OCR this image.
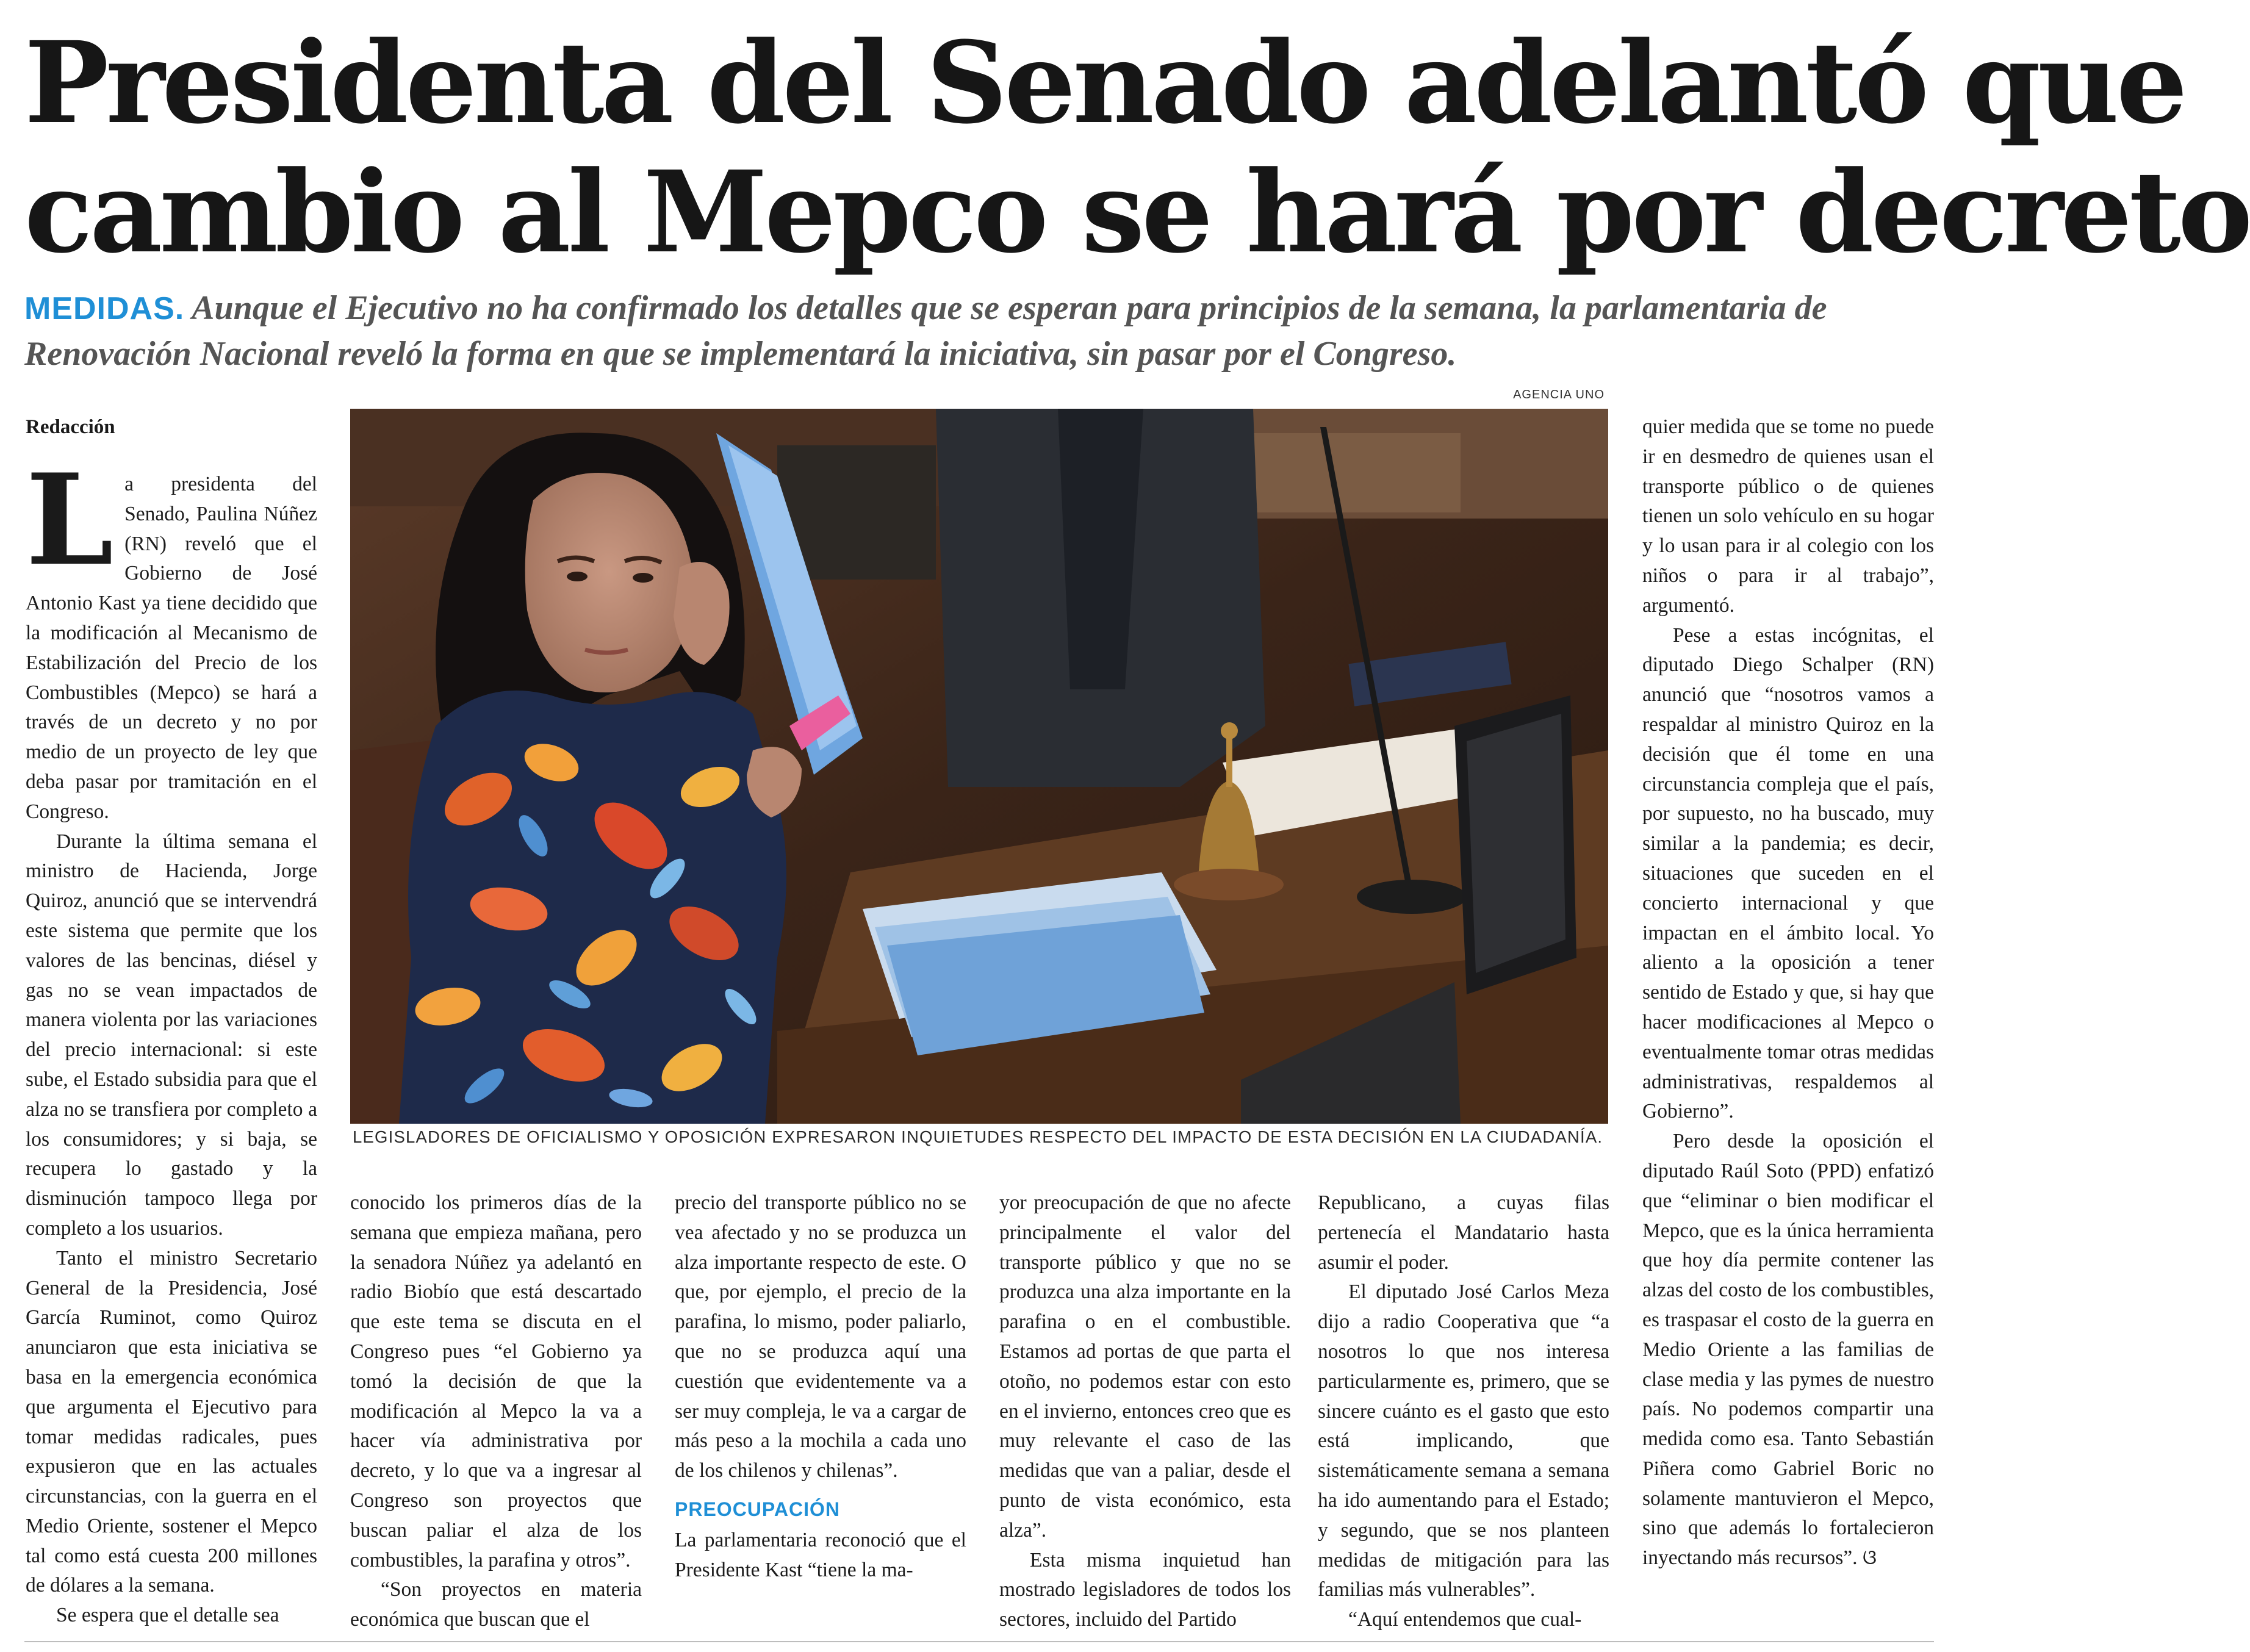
Presidenta del Senado adelantó que
cambio al Mepco se hará por decreto
MEDIDAS. Aunque el Ejecutivo no ha confirmado los detalles que se esperan para principios de la semana, la parlamentaria de Renovación Nacional reveló la forma en que se implementará la iniciativa, sin pasar por el Congreso.
Redacción

La presidenta del Senado, Paulina Núñez (RN) reveló que el Gobierno de José Antonio Kast ya tiene decidido que la modificación al Mecanismo de Estabilización del Precio de los Combustibles (Mepco) se hará a través de un decreto y no por medio de un proyecto de ley que deba pasar por tramitación en el Congreso.

Durante la última semana el ministro de Hacienda, Jorge Quiroz, anunció que se intervendrá este sistema que permite que los valores de las bencinas, diésel y gas no se vean impactados de manera violenta por las variaciones del precio internacional: si este sube, el Estado subsidia para que el alza no se transfiera por completo a los consumidores; y si baja, se recupera lo gastado y la disminución tampoco llega por completo a los usuarios.

Tanto el ministro Secretario General de la Presidencia, José García Ruminot, como Quiroz anunciaron que esta iniciativa se basa en la emergencia económica que argumenta el Ejecutivo para tomar medidas radicales, pues expusieron que en las actuales circunstancias, con la guerra en el Medio Oriente, sostener el Mepco tal como está cuesta 200 millones de dólares a la semana.

Se espera que el detalle sea

AGENCIA UNO
LEGISLADORES DE OFICIALISMO Y OPOSICIÓN EXPRESARON INQUIETUDES RESPECTO DEL IMPACTO DE ESTA DECISIÓN EN LA CIUDADANÍA.

conocido los primeros días de la semana que empieza mañana, pero la senadora Núñez ya adelantó en radio Biobío que está descartado que este tema se discuta en el Congreso pues “el Gobierno ya tomó la decisión de que la modificación al Mepco la va a hacer vía administrativa por decreto, y lo que va a ingresar al Congreso son proyectos que buscan paliar el alza de los combustibles, la parafina y otros”.

“Son proyectos en materia económica que buscan que el

precio del transporte público no se vea afectado y no se produzca un alza importante respecto de este. O que, por ejemplo, el precio de la parafina, lo mismo, poder paliarlo, que no se produzca aquí una cuestión que evidentemente va a ser muy compleja, le va a cargar de más peso a la mochila a cada uno de los chilenos y chilenas”.

PREOCUPACIÓN

La parlamentaria reconoció que el Presidente Kast “tiene la ma-

yor preocupación de que no afecte principalmente el valor del transporte público y que no se produzca una alza importante en la parafina o en el combustible. Estamos ad portas de que parta el otoño, no podemos estar con esto en el invierno, entonces creo que es muy relevante el caso de las medidas que van a paliar, desde el punto de vista económico, esta alza”.

Esta misma inquietud han mostrado legisladores de todos los sectores, incluido del Partido

Republicano, a cuyas filas pertenecía el Mandatario hasta asumir el poder.

El diputado José Carlos Meza dijo a radio Cooperativa que “a nosotros lo que nos interesa particularmente es, primero, que se sincere cuánto es el gasto que esto está implicando, que sistemáticamente semana a semana ha ido aumentando para el Estado; y segundo, que se nos planteen medidas de mitigación para las familias más vulnerables”.

“Aquí entendemos que cual-

quier medida que se tome no puede ir en desmedro de quienes usan el transporte público o de quienes tienen un solo vehículo en su hogar y lo usan para ir al colegio con los niños o para ir al trabajo”, argumentó.

Pese a estas incógnitas, el diputado Diego Schalper (RN) anunció que “nosotros vamos a respaldar al ministro Quiroz en la decisión que él tome en una circunstancia compleja que el país, por supuesto, no ha buscado, muy similar a la pandemia; es decir, situaciones que suceden en el concierto internacional y que impactan en el ámbito local. Yo aliento a la oposición a tener sentido de Estado y que, si hay que hacer modificaciones al Mepco o eventualmente tomar otras medidas administrativas, respaldemos al Gobierno”.

Pero desde la oposición el diputado Raúl Soto (PPD) enfatizó que “eliminar o bien modificar el Mepco, que es la única herramienta que hoy día permite contener las alzas del costo de los combustibles, es traspasar el costo de la guerra en Medio Oriente a las familias de clase media y las pymes de nuestro país. No podemos compartir una medida como esa. Tanto Sebastián Piñera como Gabriel Boric no solamente mantuvieron el Mepco, sino que además lo fortalecieron inyectando más recursos”. ଓ
